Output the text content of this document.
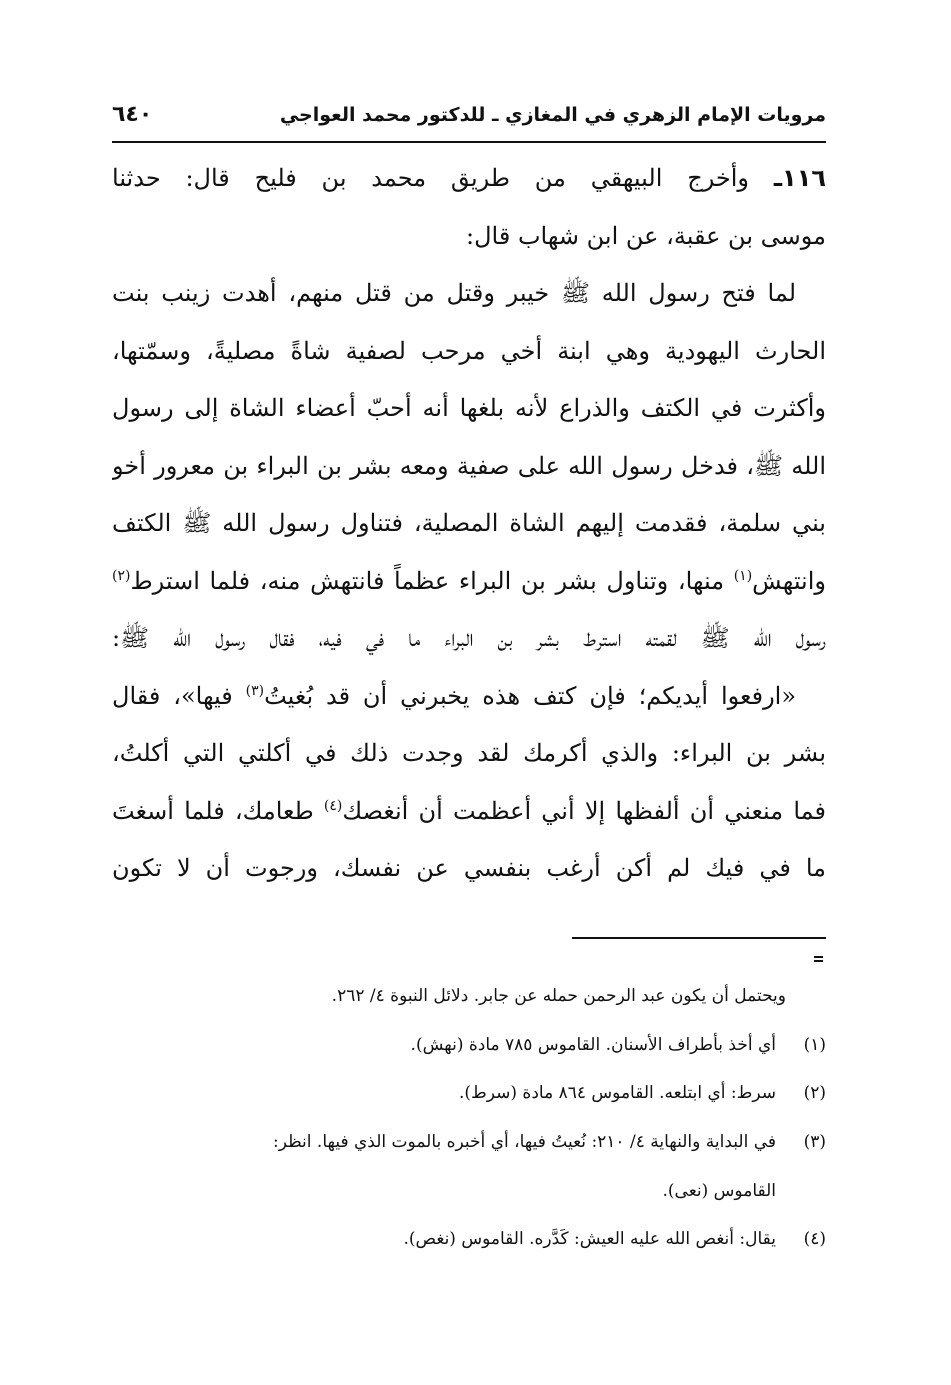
مرويات الإمام الزهري في المغازي ـ للدكتور محمد العواجي
٦٤٠
١١٦ـ وأخرج البيهقي من طريق محمد بن فليح قال: حدثنا
موسى بن عقبة، عن ابن شهاب قال:
لما فتح رسول الله ﷺ خيبر وقتل من قتل منهم، أهدت زينب بنت
الحارث اليهودية وهي ابنة أخي مرحب لصفية شاةً مصليةً، وسمّتها،
وأكثرت في الكتف والذراع لأنه بلغها أنه أحبّ أعضاء الشاة إلى رسول
الله ﷺ، فدخل رسول الله على صفية ومعه بشر بن البراء بن معرور أخو
بني سلمة، فقدمت إليهم الشاة المصلية، فتناول رسول الله ﷺ الكتف
وانتهش$^{(١)}$ منها، وتناول بشر بن البراء عظماً فانتهش منه، فلما استرط$^{(٢)}$
رسول الله ﷺ لقمته استرط بشر بن البراء ما في فيه، فقال رسول الله ﷺ:
«ارفعوا أيديكم؛ فإن كتف هذه يخبرني أن قد بُغيتُ$^{(٣)}$ فيها»، فقال
بشر بن البراء: والذي أكرمك لقد وجدت ذلك في أكلتي التي أكلتُ،
فما منعني أن ألفظها إلا أني أعظمت أن أنغصك$^{(٤)}$ طعامك، فلما أسغتَ
ما في فيك لم أكن أرغب بنفسي عن نفسك، ورجوت أن لا تكون
ويحتمل أن يكون عبد الرحمن حمله عن جابر. دلائل النبوة ٤/ ٢٦٢.
(١)أي أخذ بأطراف الأسنان. القاموس ٧٨٥ مادة (نهش).
(٢)سرط: أي ابتلعه. القاموس ٨٦٤ مادة (سرط).
(٣)في البداية والنهاية ٤/ ٢١٠: نُعيتُ فيها، أي أخبره بالموت الذي فيها. انظر:
القاموس (نعى).
(٤)يقال: أنغص الله عليه العيش: كَدَّره. القاموس (نغص).
